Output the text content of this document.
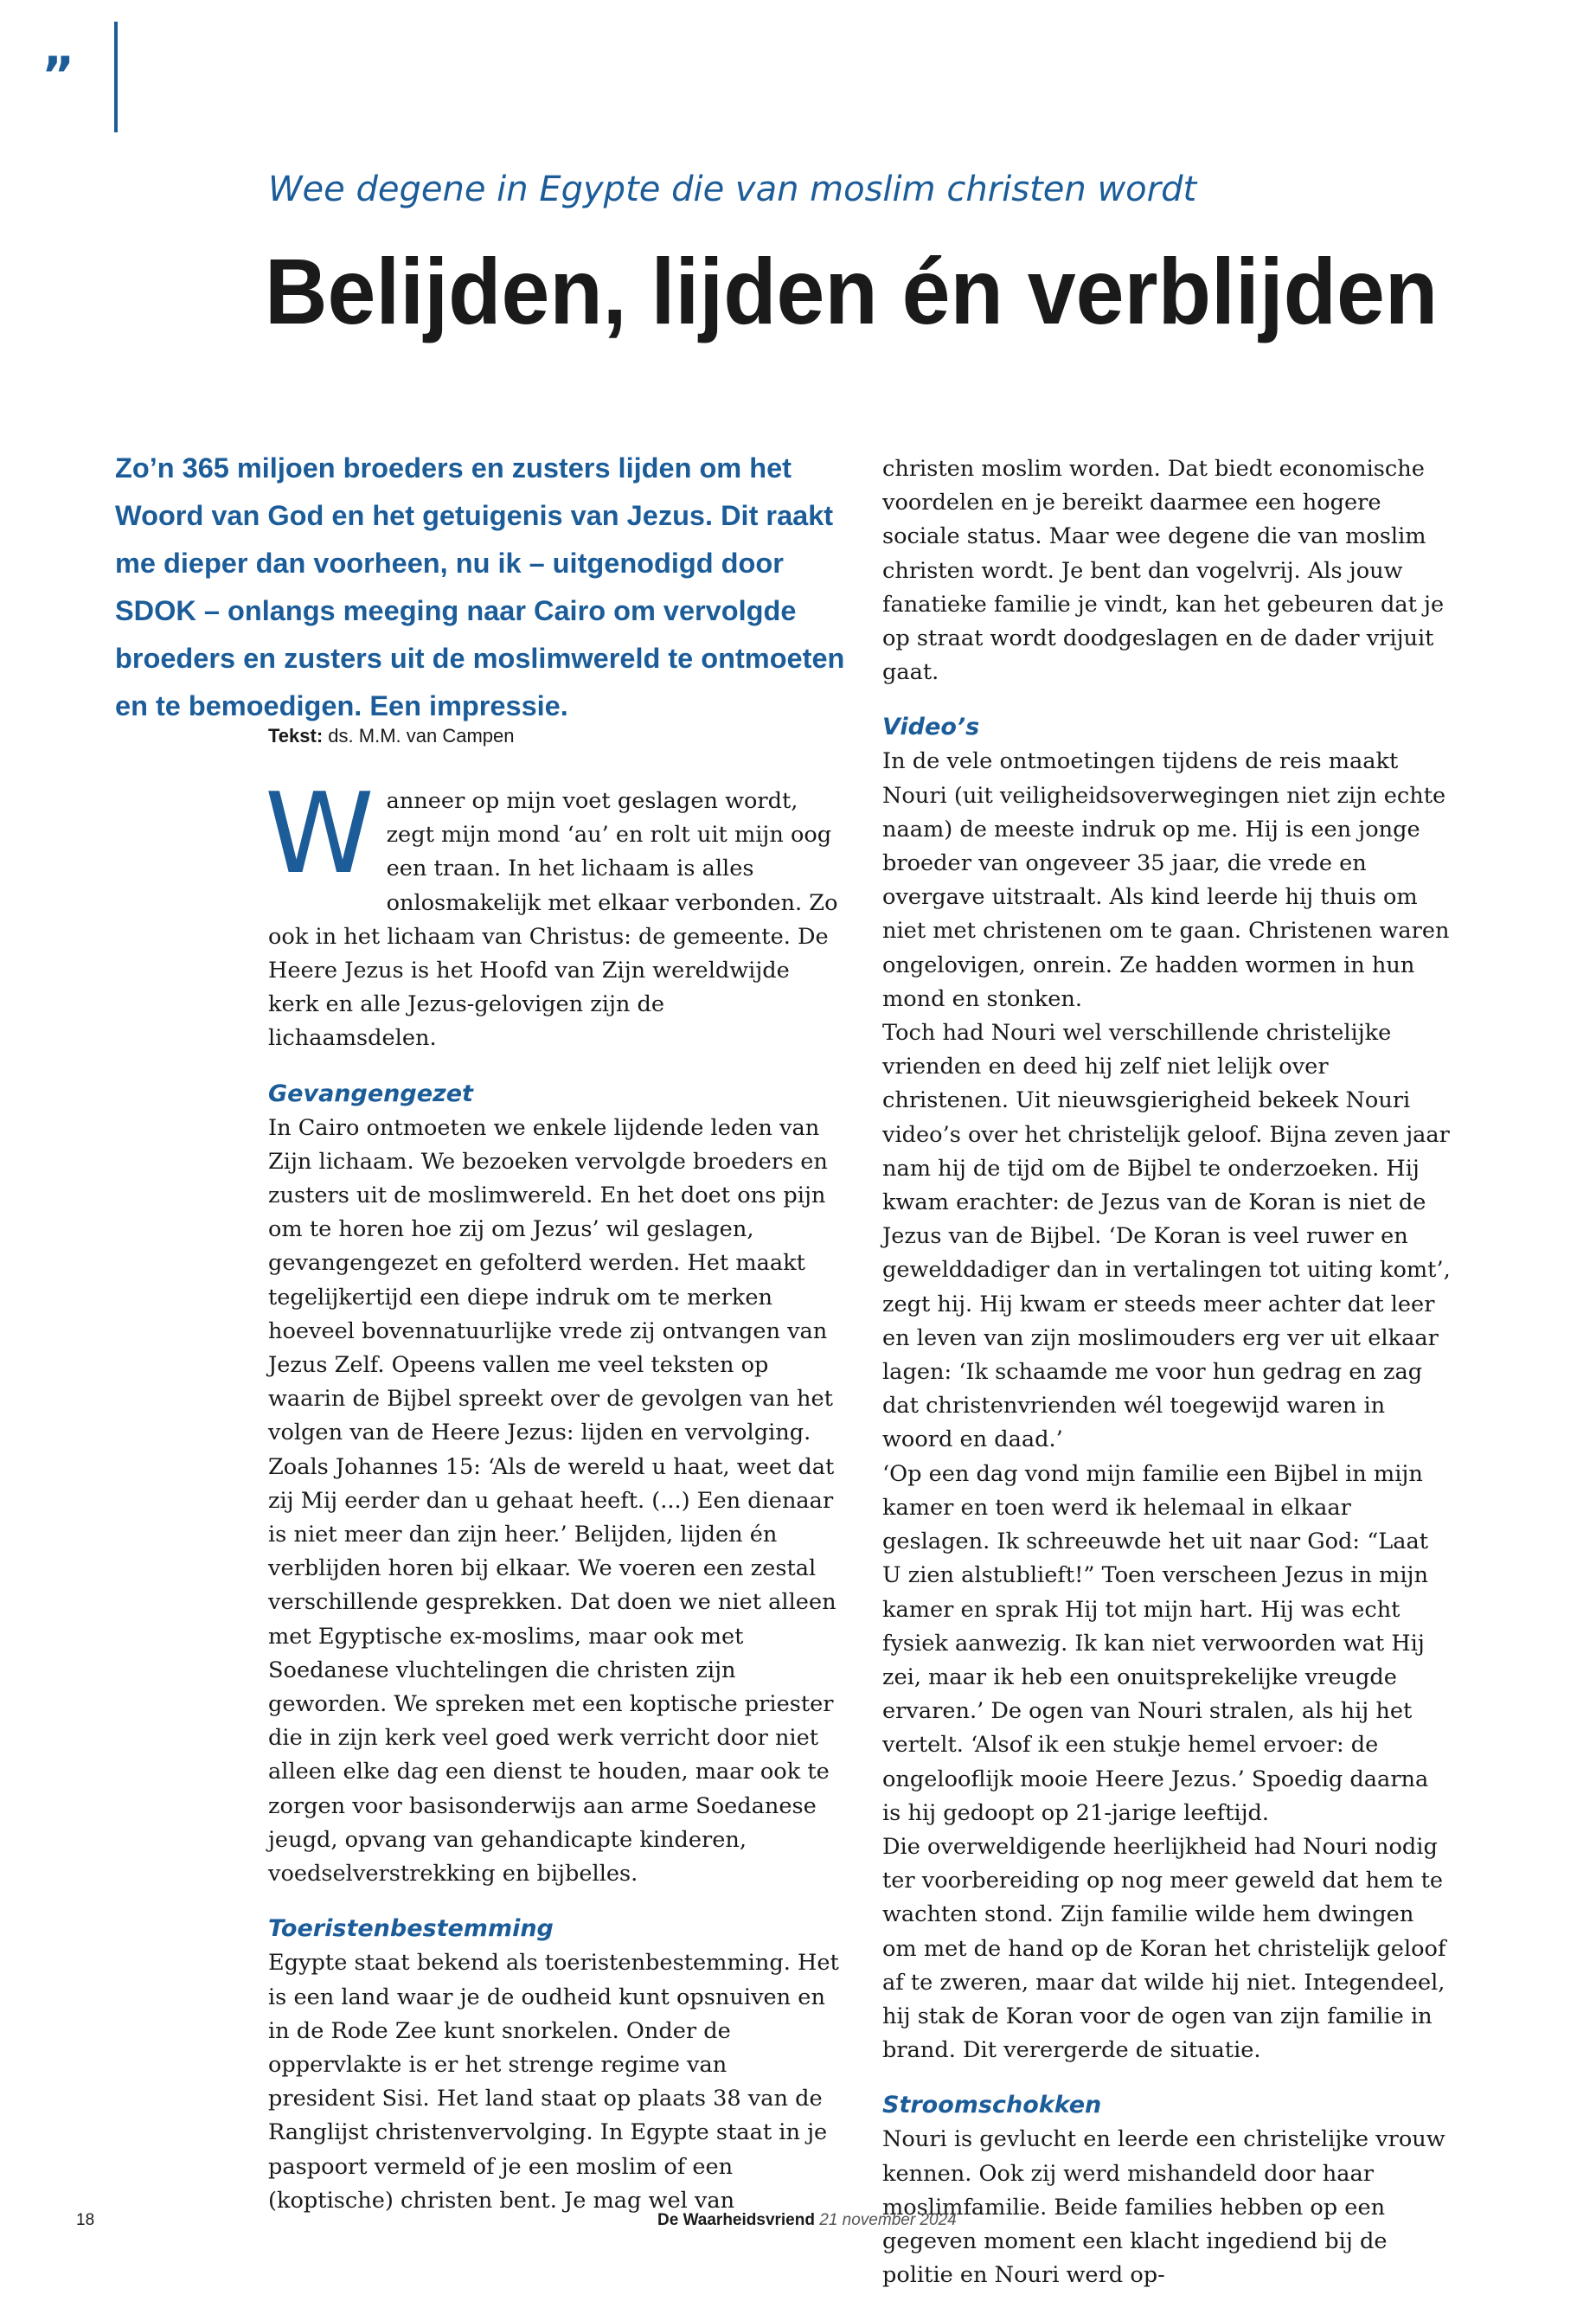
”
Wee degene in Egypte die van moslim christen wordt
Belijden, lijden én verblijden
Zo’n 365 miljoen broeders en zusters lijden om het Woord van God en het getuigenis van Jezus. Dit raakt me dieper dan voorheen, nu ik – uitgenodigd door SDOK – onlangs meeging naar Cairo om vervolgde broeders en zusters uit de moslimwereld te ontmoeten en te bemoedigen. Een impressie.
Tekst: ds. M.M. van Campen

Wanneer op mijn voet geslagen wordt, zegt mijn mond ‘au’ en rolt uit mijn oog een traan. In het lichaam is alles onlosmakelijk met elkaar verbonden. Zo ook in het lichaam van Christus: de gemeente. De Heere Jezus is het Hoofd van Zijn wereldwijde kerk en alle Jezus-gelovigen zijn de lichaamsdelen.

Gevangengezet

In Cairo ontmoeten we enkele lijdende leden van Zijn lichaam. We bezoeken vervolgde broeders en zusters uit de moslimwereld. En het doet ons pijn om te horen hoe zij om Jezus’ wil geslagen, gevangengezet en gefolterd werden. Het maakt tegelijkertijd een diepe indruk om te merken hoeveel bovennatuurlijke vrede zij ontvangen van Jezus Zelf. Opeens vallen me veel teksten op waarin de Bijbel spreekt over de gevolgen van het volgen van de Heere Jezus: lijden en vervolging. Zoals Johannes 15: ‘Als de wereld u haat, weet dat zij Mij eerder dan u gehaat heeft. (...) Een dienaar is niet meer dan zijn heer.’ Belijden, lijden én verblijden horen bij elkaar. We voeren een zestal verschillende gesprekken. Dat doen we niet alleen met Egyptische ex-moslims, maar ook met Soedanese vluchtelingen die christen zijn geworden. We spreken met een koptische priester die in zijn kerk veel goed werk verricht door niet alleen elke dag een dienst te houden, maar ook te zorgen voor basisonderwijs aan arme Soedanese jeugd, opvang van gehandicapte kinderen, voedselverstrekking en bijbelles.

Toeristenbestemming

Egypte staat bekend als toeristenbestemming. Het is een land waar je de oudheid kunt opsnuiven en in de Rode Zee kunt snorkelen. Onder de oppervlakte is er het strenge regime van president Sisi. Het land staat op plaats 38 van de Ranglijst christenvervolging. In Egypte staat in je paspoort vermeld of je een moslim of een (koptische) christen bent. Je mag wel van

christen moslim worden. Dat biedt economische voordelen en je bereikt daarmee een hogere sociale status. Maar wee degene die van moslim christen wordt. Je bent dan vogelvrij. Als jouw fanatieke familie je vindt, kan het gebeuren dat je op straat wordt doodgeslagen en de dader vrijuit gaat.

Video’s

In de vele ontmoetingen tijdens de reis maakt Nouri (uit veiligheidsoverwegingen niet zijn echte naam) de meeste indruk op me. Hij is een jonge broeder van ongeveer 35 jaar, die vrede en overgave uitstraalt. Als kind leerde hij thuis om niet met christenen om te gaan. Christenen waren ongelovigen, onrein. Ze hadden wormen in hun mond en stonken.

Toch had Nouri wel verschillende christelijke vrienden en deed hij zelf niet lelijk over christenen. Uit nieuwsgierigheid bekeek Nouri video’s over het christelijk geloof. Bijna zeven jaar nam hij de tijd om de Bijbel te onderzoeken. Hij kwam erachter: de Jezus van de Koran is niet de Jezus van de Bijbel. ‘De Koran is veel ruwer en gewelddadiger dan in vertalingen tot uiting komt’, zegt hij. Hij kwam er steeds meer achter dat leer en leven van zijn moslimouders erg ver uit elkaar lagen: ‘Ik schaamde me voor hun gedrag en zag dat christenvrienden wél toegewijd waren in woord en daad.’

‘Op een dag vond mijn familie een Bijbel in mijn kamer en toen werd ik helemaal in elkaar geslagen. Ik schreeuwde het uit naar God: “Laat U zien alstublieft!” Toen verscheen Jezus in mijn kamer en sprak Hij tot mijn hart. Hij was echt fysiek aanwezig. Ik kan niet verwoorden wat Hij zei, maar ik heb een onuitsprekelijke vreugde ervaren.’ De ogen van Nouri stralen, als hij het vertelt. ‘Alsof ik een stukje hemel ervoer: de ongelooflijk mooie Heere Jezus.’ Spoedig daarna is hij gedoopt op 21-jarige leeftijd.

Die overweldigende heerlijkheid had Nouri nodig ter voorbereiding op nog meer geweld dat hem te wachten stond. Zijn familie wilde hem dwingen om met de hand op de Koran het christelijk geloof af te zweren, maar dat wilde hij niet. Integendeel, hij stak de Koran voor de ogen van zijn familie in brand. Dit verergerde de situatie.

Stroomschokken

Nouri is gevlucht en leerde een christelijke vrouw kennen. Ook zij werd mishandeld door haar moslimfamilie. Beide families hebben op een gegeven moment een klacht ingediend bij de politie en Nouri werd op-

18	De Waarheidsvriend 21 november 2024
